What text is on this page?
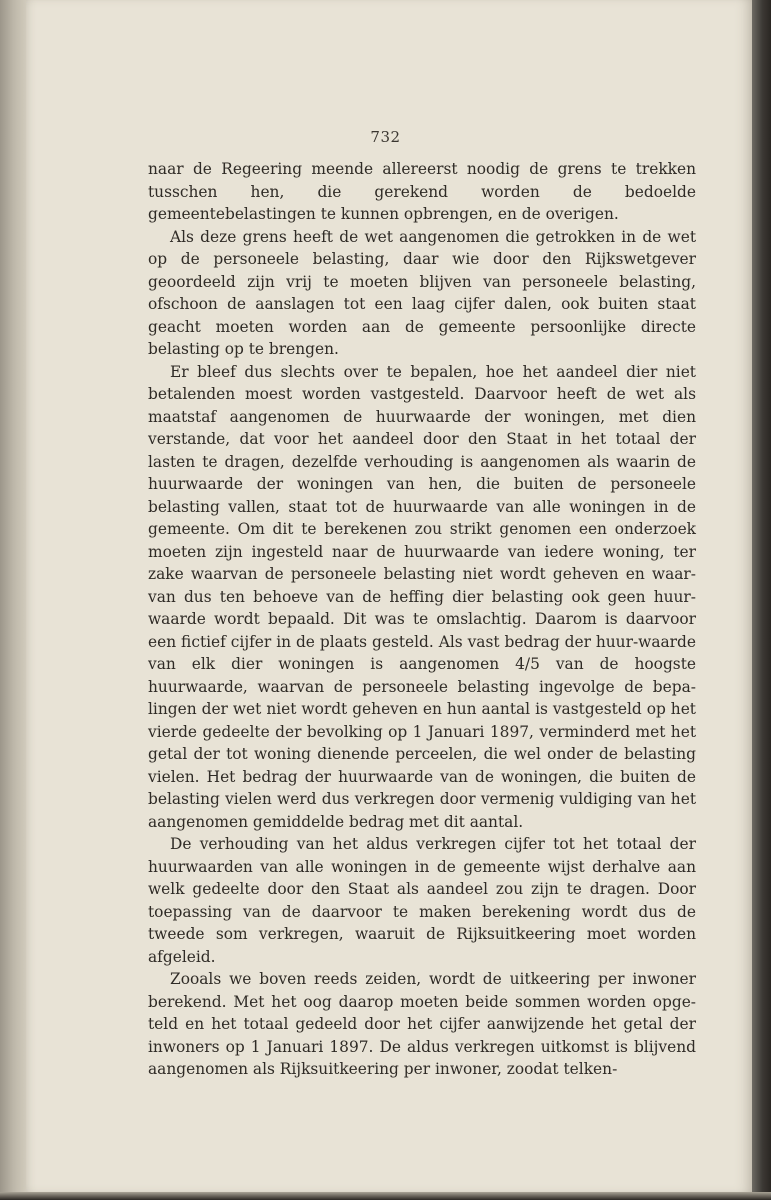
732

naar de Regeering meende allereerst noodig de grens te trekken tusschen hen, die gerekend worden de bedoelde gemeentebelastingen te kunnen opbrengen, en de overigen.

Als deze grens heeft de wet aangenomen die getrokken in de wet op de personeele belasting, daar wie door den Rijkswetgever geoordeeld zijn vrij te moeten blijven van personeele belasting, ofschoon de aanslagen tot een laag cijfer dalen, ook buiten staat geacht moeten worden aan de gemeente persoonlijke directe belasting op te brengen.

Er bleef dus slechts over te bepalen, hoe het aandeel dier niet betalenden moest worden vastgesteld. Daarvoor heeft de wet als maatstaf aangenomen de huurwaarde der woningen, met dien verstande, dat voor het aandeel door den Staat in het totaal der lasten te dragen, dezelfde verhouding is aangenomen als waarin de huurwaarde der woningen van hen, die buiten de personeele belasting vallen, staat tot de huurwaarde van alle woningen in de gemeente. Om dit te berekenen zou strikt genomen een onderzoek moeten zijn ingesteld naar de huurwaarde van iedere woning, ter zake waarvan de personeele belasting niet wordt geheven en waar-van dus ten behoeve van de heffing dier belasting ook geen huur-waarde wordt bepaald. Dit was te omslachtig. Daarom is daarvoor een fictief cijfer in de plaats gesteld. Als vast bedrag der huur-waarde van elk dier woningen is aangenomen 4/5 van de hoogste huurwaarde, waarvan de personeele belasting ingevolge de bepa-lingen der wet niet wordt geheven en hun aantal is vastgesteld op het vierde gedeelte der bevolking op 1 Januari 1897, verminderd met het getal der tot woning dienende perceelen, die wel onder de belasting vielen. Het bedrag der huurwaarde van de woningen, die buiten de belasting vielen werd dus verkregen door vermenig vuldiging van het aangenomen gemiddelde bedrag met dit aantal.

De verhouding van het aldus verkregen cijfer tot het totaal der huurwaarden van alle woningen in de gemeente wijst derhalve aan welk gedeelte door den Staat als aandeel zou zijn te dragen. Door toepassing van de daarvoor te maken berekening wordt dus de tweede som verkregen, waaruit de Rijksuitkeering moet worden afgeleid.

Zooals we boven reeds zeiden, wordt de uitkeering per inwoner berekend. Met het oog daarop moeten beide sommen worden opge-teld en het totaal gedeeld door het cijfer aanwijzende het getal der inwoners op 1 Januari 1897. De aldus verkregen uitkomst is blijvend aangenomen als Rijksuitkeering per inwoner, zoodat telken-
